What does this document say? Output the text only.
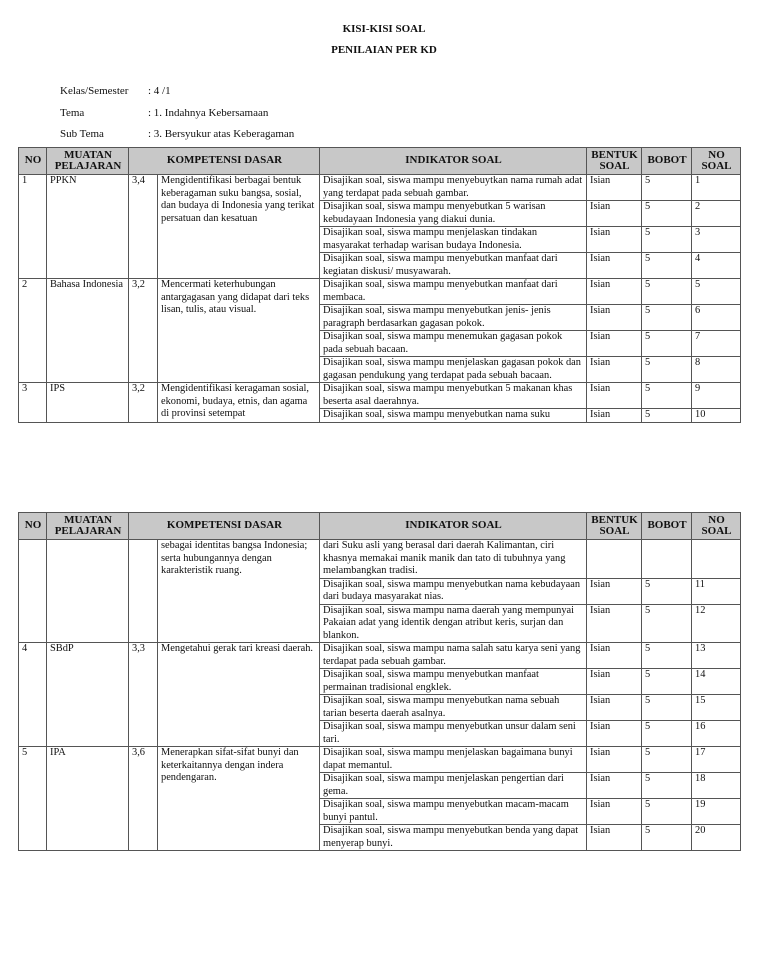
KISI-KISI SOAL
PENILAIAN PER KD
Kelas/Semester : 4 /1
Tema	: 1. Indahnya Kebersamaan
Sub Tema	: 3. Bersyukur atas Keberagaman
NO	MUATAN PELAJARAN	KOMPETENSI DASAR		INDIKATOR SOAL	BENTUK SOAL	BOBOT	NO SOAL
1	PPKN	3,4	Mengidentifikasi berbagai bentuk keberagaman suku bangsa, sosial, dan budaya di Indonesia yang terikat persatuan dan kesatuan	Disajikan soal, siswa mampu menyebuytkan nama rumah adat yang terdapat pada sebuah gambar.	Isian	5	1
				Disajikan soal, siswa mampu menyebutkan 5 warisan kebudayaan Indonesia yang diakui dunia.	Isian	5	2
				Disajikan soal, siswa mampu menjelaskan tindakan masyarakat terhadap warisan budaya Indonesia.	Isian	5	3
				Disajikan soal, siswa mampu menyebutkan manfaat dari kegiatan diskusi/ musyawarah.	Isian	5	4
2	Bahasa Indonesia	3,2	Mencermati keterhubungan antargagasan yang didapat dari teks lisan, tulis, atau visual.	Disajikan soal, siswa mampu menyebutkan manfaat dari membaca.	Isian	5	5
				Disajikan soal, siswa mampu menyebutkan jenis- jenis paragraph berdasarkan gagasan pokok.	Isian	5	6
				Disajikan soal, siswa mampu menemukan gagasan pokok pada sebuah bacaan.	Isian	5	7
				Disajikan soal, siswa mampu menjelaskan gagasan pokok dan gagasan pendukung yang terdapat pada sebuah bacaan.	Isian	5	8
3	IPS	3,2	Mengidentifikasi keragaman sosial, ekonomi, budaya, etnis, dan agama di provinsi setempat	Disajikan soal, siswa mampu menyebutkan 5 makanan khas beserta asal daerahnya.	Isian	5	9
				Disajikan soal, siswa mampu menyebutkan nama suku	Isian	5	10
NO	MUATAN PELAJARAN	KOMPETENSI DASAR		INDIKATOR SOAL	BENTUK SOAL	BOBOT	NO SOAL
			sebagai identitas bangsa Indonesia; serta hubungannya dengan karakteristik ruang.	dari Suku asli yang berasal dari daerah Kalimantan, ciri khasnya memakai manik manik dan tato di tubuhnya yang melambangkan tradisi.			
				Disajikan soal, siswa mampu menyebutkan nama kebudayaan dari budaya masyarakat nias.	Isian	5	11
				Disajikan soal, siswa mampu nama daerah yang mempunyai Pakaian adat yang identik dengan atribut keris, surjan dan blankon.	Isian	5	12
4	SBdP	3,3	Mengetahui gerak tari kreasi daerah.	Disajikan soal, siswa mampu nama salah satu karya seni yang terdapat pada sebuah gambar.	Isian	5	13
				Disajikan soal, siswa mampu menyebutkan manfaat permainan tradisional engklek.	Isian	5	14
				Disajikan soal, siswa mampu menyebutkan nama sebuah tarian beserta daerah asalnya.	Isian	5	15
				Disajikan soal, siswa mampu menyebutkan unsur dalam seni tari.	Isian	5	16
5	IPA	3,6	Menerapkan sifat-sifat bunyi dan keterkaitannya dengan indera pendengaran.	Disajikan soal, siswa mampu menjelaskan bagaimana bunyi dapat memantul.	Isian	5	17
				Disajikan soal, siswa mampu menjelaskan pengertian dari gema.	Isian	5	18
				Disajikan soal, siswa mampu menyebutkan macam-macam bunyi pantul.	Isian	5	19
				Disajikan soal, siswa mampu menyebutkan benda yang dapat menyerap bunyi.	Isian	5	20
